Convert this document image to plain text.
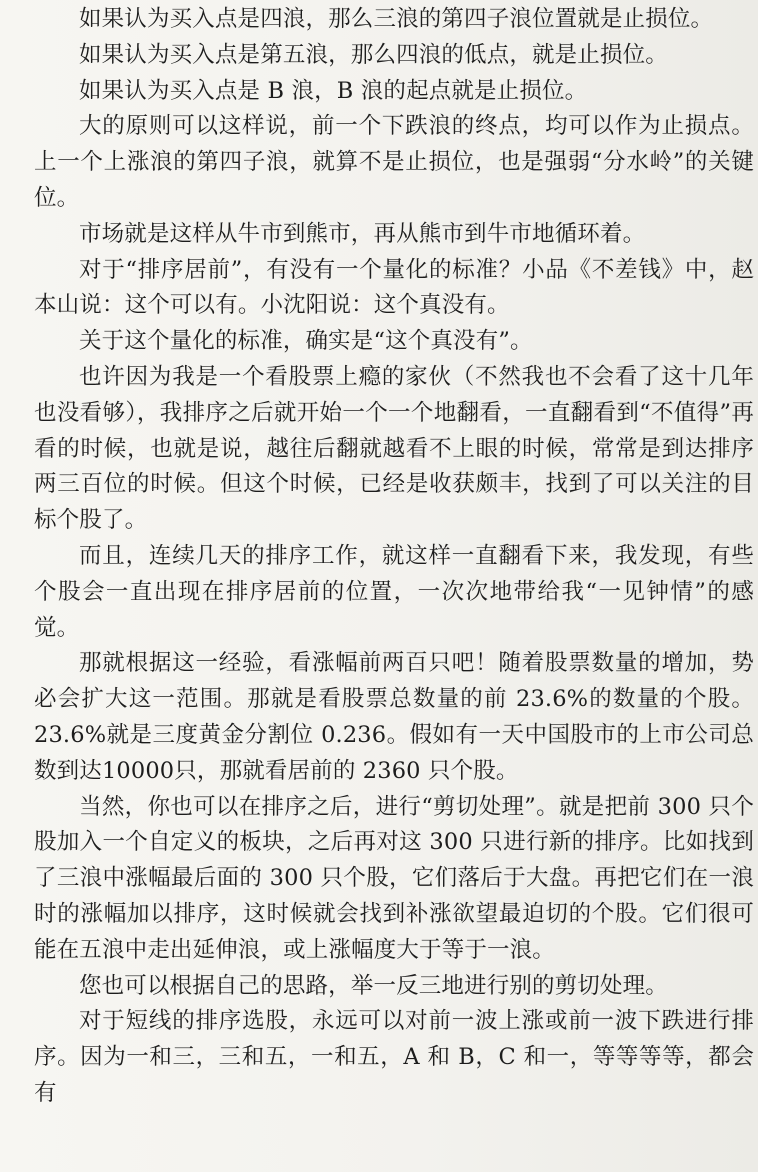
如果认为买入点是四浪，那么三浪的第四子浪位置就是止损位。

如果认为买入点是第五浪，那么四浪的低点，就是止损位。

如果认为买入点是 B 浪，B 浪的起点就是止损位。

大的原则可以这样说，前一个下跌浪的终点，均可以作为止损点。上一个上涨浪的第四子浪，就算不是止损位，也是强弱“分水岭”的关键位。

市场就是这样从牛市到熊市，再从熊市到牛市地循环着。

对于“排序居前”，有没有一个量化的标准？小品《不差钱》中，赵本山说：这个可以有。小沈阳说：这个真没有。

关于这个量化的标准，确实是“这个真没有”。

也许因为我是一个看股票上瘾的家伙（不然我也不会看了这十几年也没看够），我排序之后就开始一个一个地翻看，一直翻看到“不值得”再看的时候，也就是说，越往后翻就越看不上眼的时候，常常是到达排序两三百位的时候。但这个时候，已经是收获颇丰，找到了可以关注的目标个股了。

而且，连续几天的排序工作，就这样一直翻看下来，我发现，有些个股会一直出现在排序居前的位置，一次次地带给我“一见钟情”的感觉。

那就根据这一经验，看涨幅前两百只吧！随着股票数量的增加，势必会扩大这一范围。那就是看股票总数量的前 23.6%的数量的个股。23.6%就是三度黄金分割位 0.236。假如有一天中国股市的上市公司总数到达10000只，那就看居前的 2360 只个股。

当然，你也可以在排序之后，进行“剪切处理”。就是把前 300 只个股加入一个自定义的板块，之后再对这 300 只进行新的排序。比如找到了三浪中涨幅最后面的 300 只个股，它们落后于大盘。再把它们在一浪时的涨幅加以排序，这时候就会找到补涨欲望最迫切的个股。它们很可能在五浪中走出延伸浪，或上涨幅度大于等于一浪。

您也可以根据自己的思路，举一反三地进行别的剪切处理。

对于短线的排序选股，永远可以对前一波上涨或前一波下跌进行排序。因为一和三，三和五，一和五，A 和 B，C 和一，等等等等，都会有
